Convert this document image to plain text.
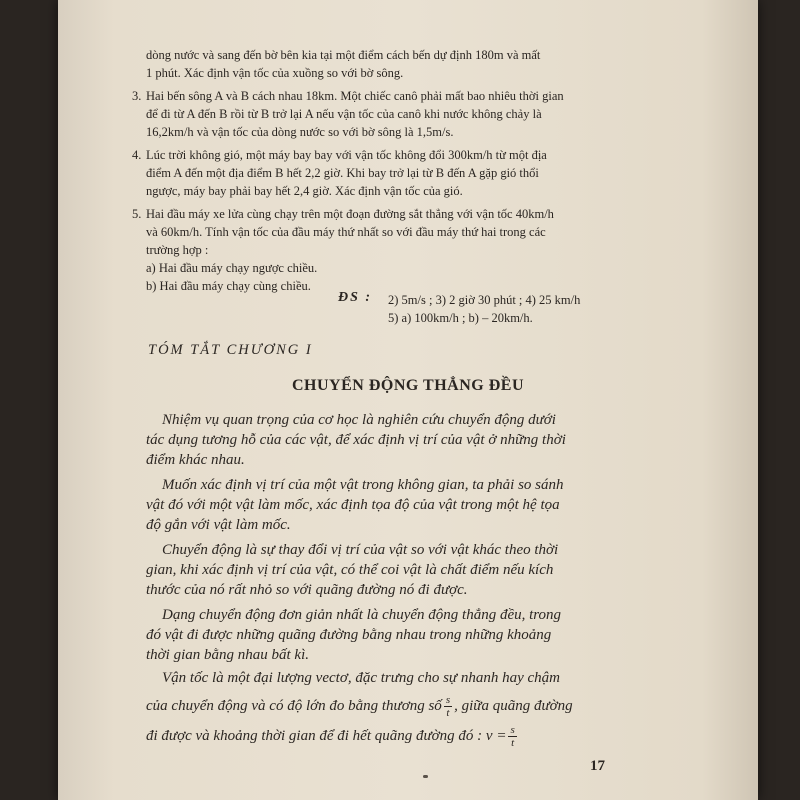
dòng nước và sang đến bờ bên kia tại một điểm cách bến dự định 180m và mất
1 phút. Xác định vận tốc của xuồng so với bờ sông.
3. Hai bến sông A và B cách nhau 18km. Một chiếc canô phải mất bao nhiêu thời gian
để đi từ A đến B rồi từ B trở lại A nếu vận tốc của canô khi nước không chảy là
16,2km/h và vận tốc của dòng nước so với bờ sông là 1,5m/s.
4. Lúc trời không gió, một máy bay bay với vận tốc không đổi 300km/h từ một địa
điểm A đến một địa điểm B hết 2,2 giờ. Khi bay trở lại từ B đến A gặp gió thổi
ngược, máy bay phải bay hết 2,4 giờ. Xác định vận tốc của gió.
5. Hai đầu máy xe lửa cùng chạy trên một đoạn đường sắt thẳng với vận tốc 40km/h
và 60km/h. Tính vận tốc của đầu máy thứ nhất so với đầu máy thứ hai trong các
trường hợp :
a) Hai đầu máy chạy ngược chiều.
b) Hai đầu máy chạy cùng chiều.
ĐS : 2) 5m/s ; 3) 2 giờ 30 phút ; 4) 25 km/h
5) a) 100km/h ; b) – 20km/h.
TÓM TẮT CHƯƠNG I
CHUYỂN ĐỘNG THẲNG ĐỀU
Nhiệm vụ quan trọng của cơ học là nghiên cứu chuyển động dưới
tác dụng tương hỗ của các vật, để xác định vị trí của vật ở những thời
điểm khác nhau.
Muốn xác định vị trí của một vật trong không gian, ta phải so sánh
vật đó với một vật làm mốc, xác định tọa độ của vật trong một hệ tọa
độ gắn với vật làm mốc.
Chuyển động là sự thay đổi vị trí của vật so với vật khác theo thời
gian, khi xác định vị trí của vật, có thể coi vật là chất điểm nếu kích
thước của nó rất nhỏ so với quãng đường nó đi được.
Dạng chuyển động đơn giản nhất là chuyển động thẳng đều, trong
đó vật đi được những quãng đường bằng nhau trong những khoảng
thời gian bằng nhau bất kì.
Vận tốc là một đại lượng vectơ, đặc trưng cho sự nhanh hay chậm
của chuyển động và có độ lớn đo bằng thương số $\frac{s}{t}$ , giữa quãng đường
đi được và khoảng thời gian để đi hết quãng đường đó : $v = \frac{s}{t}$
17
